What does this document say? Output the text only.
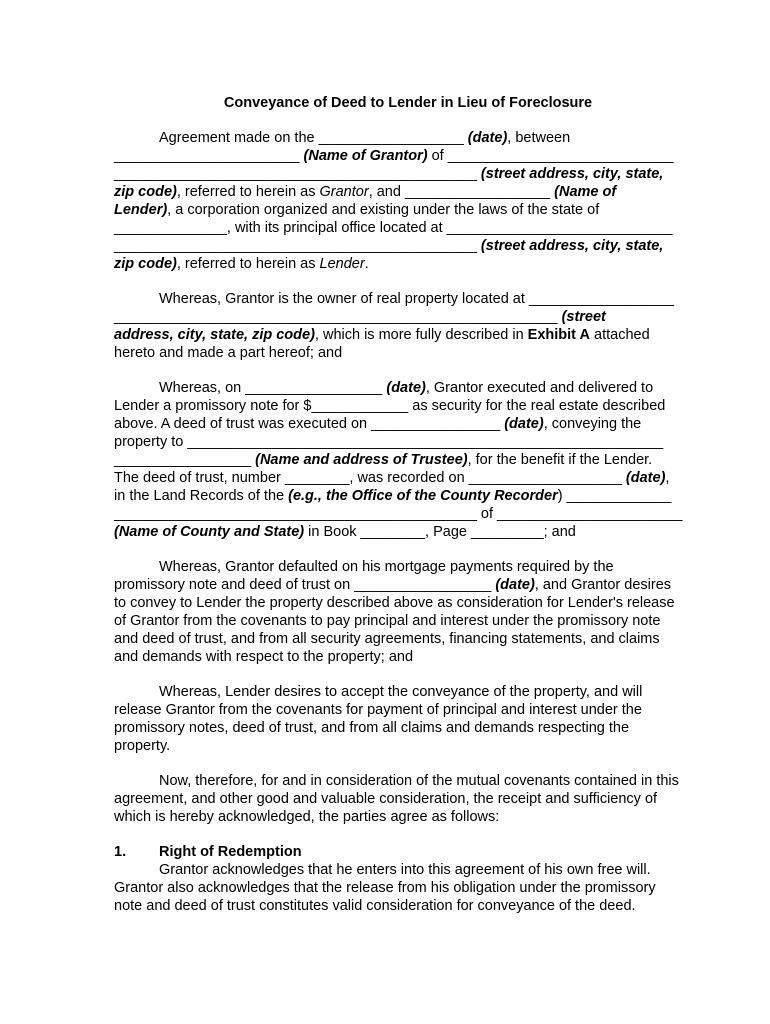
Conveyance of Deed to Lender in Lieu of Foreclosure
Agreement made on the __________________ (date), between
_______________________ (Name of Grantor) of ____________________________
_____________________________________________ (street address, city, state,
zip code), referred to herein as Grantor, and __________________ (Name of
Lender), a corporation organized and existing under the laws of the state of
______________, with its principal office located at ____________________________
_____________________________________________ (street address, city, state,
zip code), referred to herein as Lender.
Whereas, Grantor is the owner of real property located at __________________
_______________________________________________________ (street
address, city, state, zip code), which is more fully described in Exhibit A attached
hereto and made a part hereof; and
Whereas, on _________________ (date), Grantor executed and delivered to
Lender a promissory note for $____________ as security for the real estate described
above. A deed of trust was executed on ________________ (date), conveying the
property to ___________________________________________________________
_________________ (Name and address of Trustee), for the benefit if the Lender.
The deed of trust, number ________, was recorded on ___________________ (date),
in the Land Records of the (e.g., the Office of the County Recorder) _____________
_____________________________________________ of _______________________
(Name of County and State) in Book ________, Page _________; and
Whereas, Grantor defaulted on his mortgage payments required by the
promissory note and deed of trust on _________________ (date), and Grantor desires
to convey to Lender the property described above as consideration for Lender's release
of Grantor from the covenants to pay principal and interest under the promissory note
and deed of trust, and from all security agreements, financing statements, and claims
and demands with respect to the property; and
Whereas, Lender desires to accept the conveyance of the property, and will
release Grantor from the covenants for payment of principal and interest under the
promissory notes, deed of trust, and from all claims and demands respecting the
property.
Now, therefore, for and in consideration of the mutual covenants contained in this
agreement, and other good and valuable consideration, the receipt and sufficiency of
which is hereby acknowledged, the parties agree as follows:
1. Right of Redemption
Grantor acknowledges that he enters into this agreement of his own free will.
Grantor also acknowledges that the release from his obligation under the promissory
note and deed of trust constitutes valid consideration for conveyance of the deed.
